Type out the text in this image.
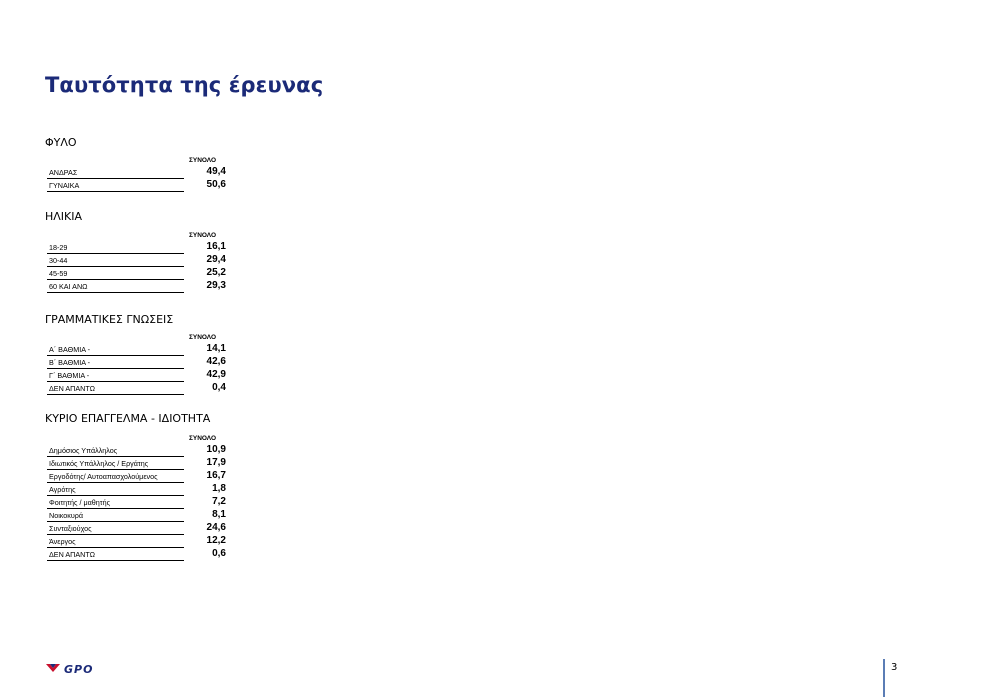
Ταυτότητα της έρευνας
ΦΥΛΟ
ΣΥΝΟΛΟ
ΑΝΔΡΑΣ	49,4
ΓΥΝΑΙΚΑ	50,6
ΗΛΙΚΙΑ
ΣΥΝΟΛΟ
18-29	16,1
30-44	29,4
45-59	25,2
60 ΚΑΙ ΑΝΩ	29,3
ΓΡΑΜΜΑΤΙΚΕΣ ΓΝΩΣΕΙΣ
ΣΥΝΟΛΟ
Α΄ ΒΑΘΜΙΑ -	14,1
Β΄ ΒΑΘΜΙΑ -	42,6
Γ΄ ΒΑΘΜΙΑ -	42,9
ΔΕΝ ΑΠΑΝΤΩ	0,4
ΚΥΡΙΟ ΕΠΑΓΓΕΛΜΑ - ΙΔΙΟΤΗΤΑ
ΣΥΝΟΛΟ
Δημόσιος Υπάλληλος	10,9
Ιδιωτικός Υπάλληλος / Εργάτης	17,9
Εργοδότης/ Αυτοαπασχολούμενος	16,7
Αγρότης	1,8
Φοιτητής / μαθητής	7,2
Νοικοκυρά	8,1
Συνταξιούχος	24,6
Άνεργος	12,2
ΔΕΝ ΑΠΑΝΤΩ	0,6
GPO	3
